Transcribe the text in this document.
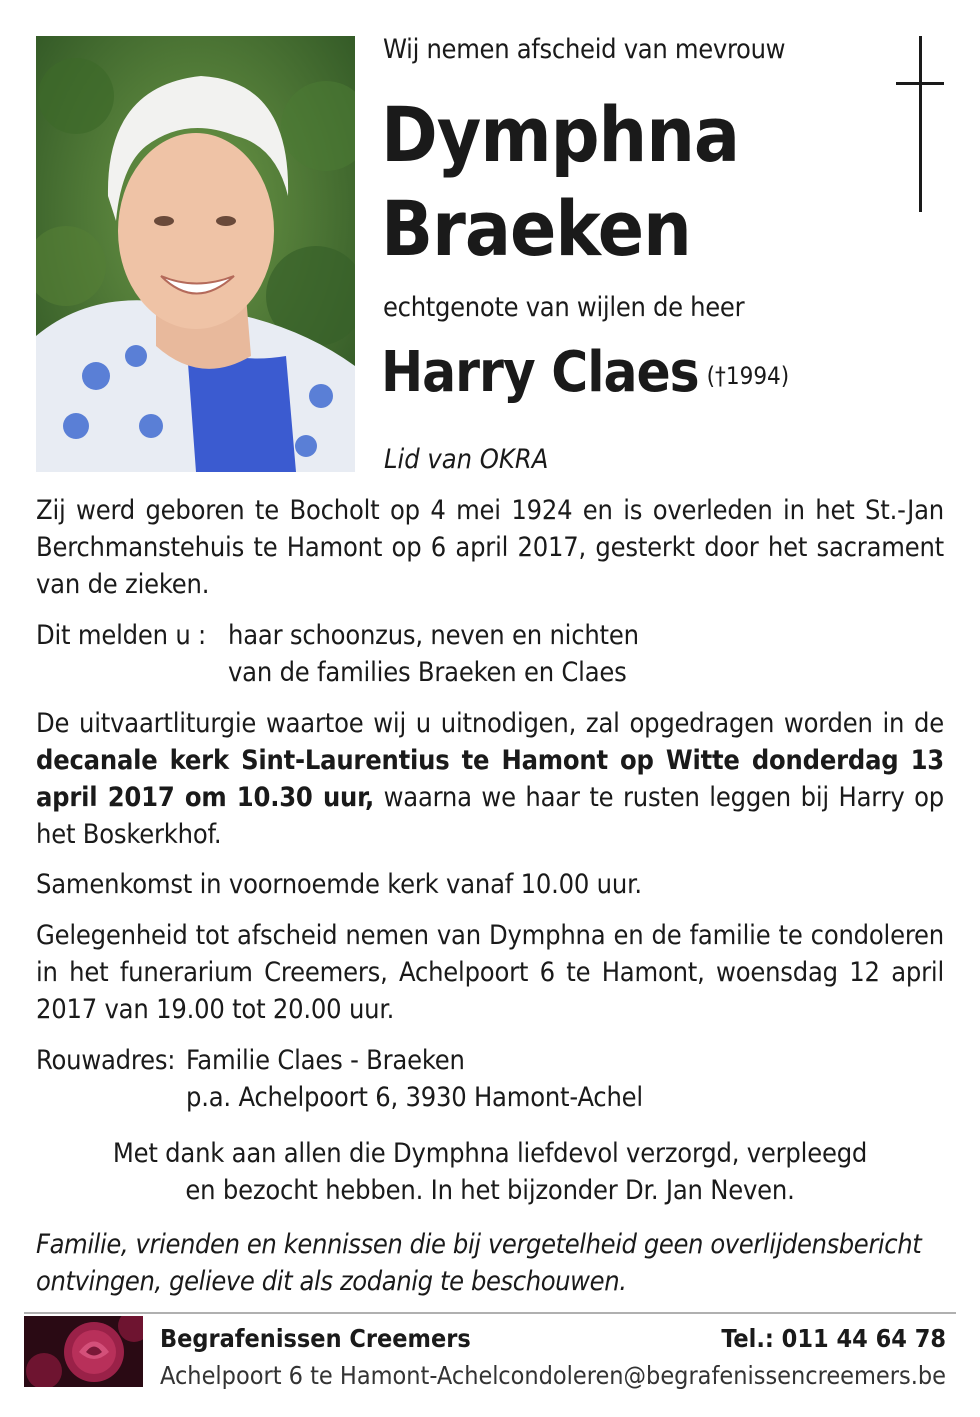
Wij nemen afscheid van mevrouw
Dymphna
Braeken
echtgenote van wijlen de heer
Harry Claes (†1994)
Lid van OKRA
Zij werd geboren te Bocholt op 4 mei 1924 en is overleden in het St.-Jan Berchmanstehuis te Hamont op 6 april 2017, gesterkt door het sacrament van de zieken.
Dit melden u : haar schoonzus, neven en nichten
van de families Braeken en Claes
De uitvaartliturgie waartoe wij u uitnodigen, zal opgedragen worden in de decanale kerk Sint-Laurentius te Hamont op Witte donderdag 13 april 2017 om 10.30 uur, waarna we haar te rusten leggen bij Harry op het Boskerkhof.
Samenkomst in voornoemde kerk vanaf 10.00 uur.
Gelegenheid tot afscheid nemen van Dymphna en de familie te condoleren in het funerarium Creemers, Achelpoort 6 te Hamont, woensdag 12 april 2017 van 19.00 tot 20.00 uur.
Rouwadres: Familie Claes - Braeken
p.a. Achelpoort 6, 3930 Hamont-Achel
Met dank aan allen die Dymphna liefdevol verzorgd, verpleegd
en bezocht hebben. In het bijzonder Dr. Jan Neven.
Familie, vrienden en kennissen die bij vergetelheid geen overlijdensbericht
ontvingen, gelieve dit als zodanig te beschouwen.
Begrafenissen Creemers
Achelpoort 6 te Hamont-Achel
Tel.: 011 44 64 78
condoleren@begrafenissencreemers.be
